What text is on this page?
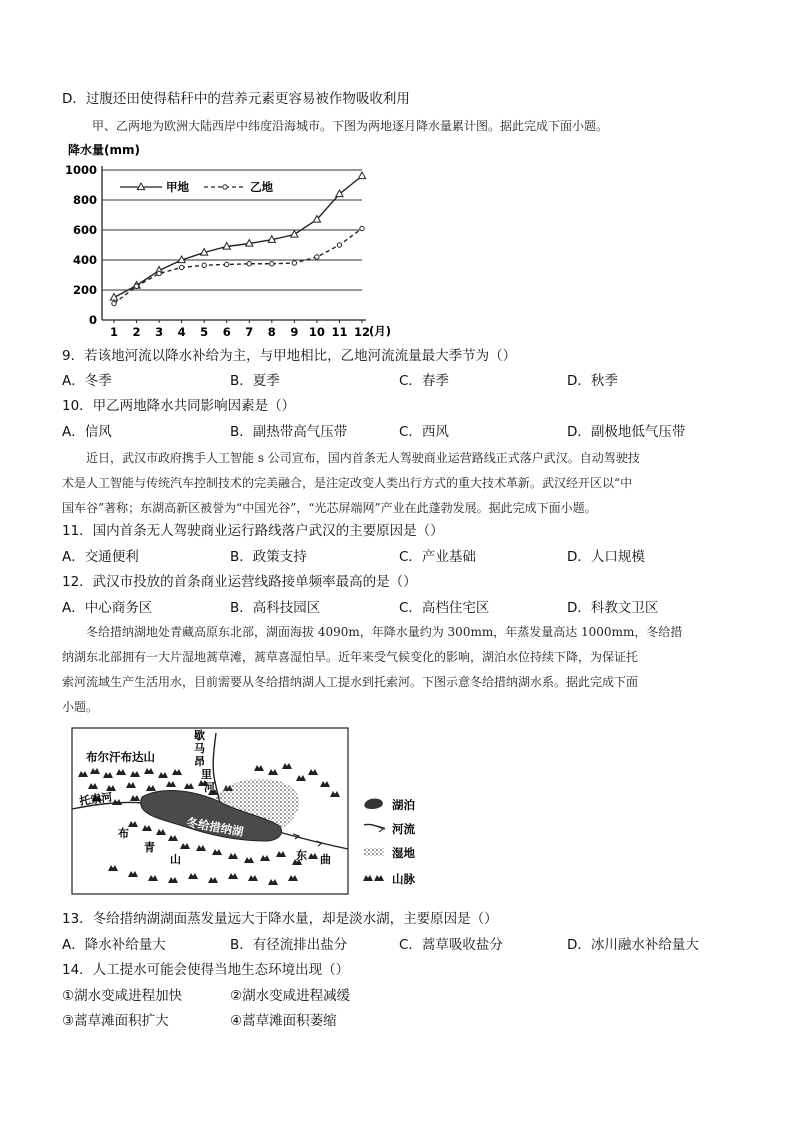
D．过腹还田使得秸秆中的营养元素更容易被作物吸收利用
甲、乙两地为欧洲大陆西岸中纬度沿海城市。下图为两地逐月降水量累计图。据此完成下面小题。
降水量(mm)
0
200
400
600
800
1000
1 2 3 4 5 6 7 8 9 10 11 12
甲地	乙地
(月)
9．若该地河流以降水补给为主，与甲地相比，乙地河流流量最大季节为（）
A．冬季	B．夏季	C．春季	D．秋季
10．甲乙两地降水共同影响因素是（）
A．信风	B．副热带高气压带	C．西风	D．副极地低气压带
近日，武汉市政府携手人工智能 s 公司宣布，国内首条无人驾驶商业运营路线正式落户武汉。自动驾驶技
术是人工智能与传统汽车控制技术的完美融合，是注定改变人类出行方式的重大技术革新。武汉经开区以“中
国车谷”著称；东湖高新区被誉为“中国光谷”，“光芯屏端网”产业在此蓬勃发展。据此完成下面小题。
11．国内首条无人驾驶商业运行路线落户武汉的主要原因是（）
A．交通便利	B．政策支持	C．产业基础	D．人口规模
12．武汉市投放的首条商业运营线路接单频率最高的是（）
A．中心商务区	B．高科技园区	C．高档住宅区	D．科教文卫区
冬给措纳湖地处青藏高原东北部，湖面海拔 4090m，年降水量约为 300mm，年蒸发量高达 1000mm，冬给措
纳湖东北部拥有一大片湿地蒿草滩，蒿草喜湿怕旱。近年来受气候变化的影响，湖泊水位持续下降，为保证托
索河流域生产生活用水，目前需要从冬给措纳湖人工提水到托索河。下图示意冬给措纳湖水系。据此完成下面
小题。
布尔汗布达山
歇
马
昂
里
河
托索河
冬给措纳湖
布
青
山	东 曲
湖泊
河流
湿地
山脉
13．冬给措纳湖湖面蒸发量远大于降水量，却是淡水湖，主要原因是（）
A．降水补给量大	B．有径流排出盐分	C．蒿草吸收盐分	D．冰川融水补给量大
14．人工提水可能会使得当地生态环境出现（）
①湖水变咸进程加快	②湖水变咸进程减缓
③蒿草滩面积扩大	④蒿草滩面积萎缩
